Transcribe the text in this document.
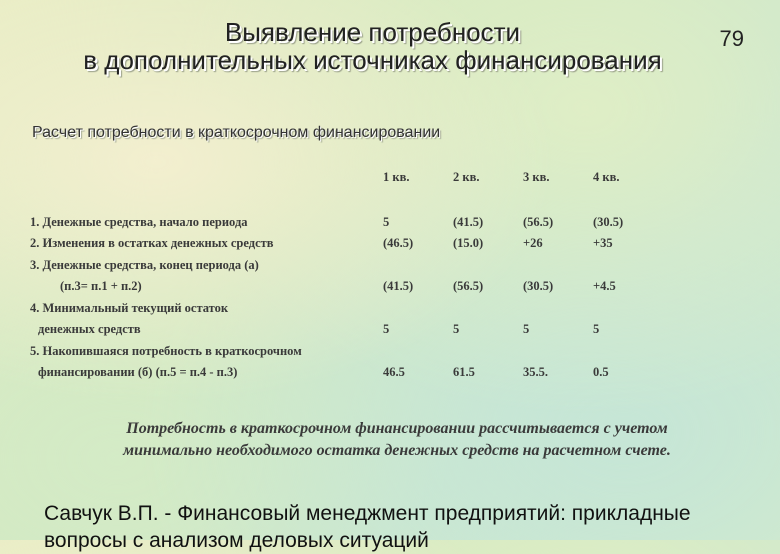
Выявление потребности
в дополнительных источниках финансирования
79
Расчет потребности в краткосрочном финансировании
1 кв.	2 кв.	3 кв.	4 кв.
1. Денежные средства, начало периода	5	(41.5)	(56.5)	(30.5)
2. Изменения в остатках денежных средств	(46.5)	(15.0)	+26	+35
3. Денежные средства, конец периода (а)
(п.3= п.1 + п.2)	(41.5)	(56.5)	(30.5)	+4.5
4. Минимальный текущий остаток
денежных средств	5	5	5	5
5. Накопившаяся потребность в краткосрочном
финансировании (б) (п.5 = п.4 - п.3)	46.5	61.5	35.5.	0.5
Потребность в краткосрочном финансировании рассчитывается с учетом
минимально необходимого остатка денежных средств на расчетном счете.
Савчук В.П. - Финансовый менеджмент предприятий: прикладные
вопросы с анализом деловых ситуаций
